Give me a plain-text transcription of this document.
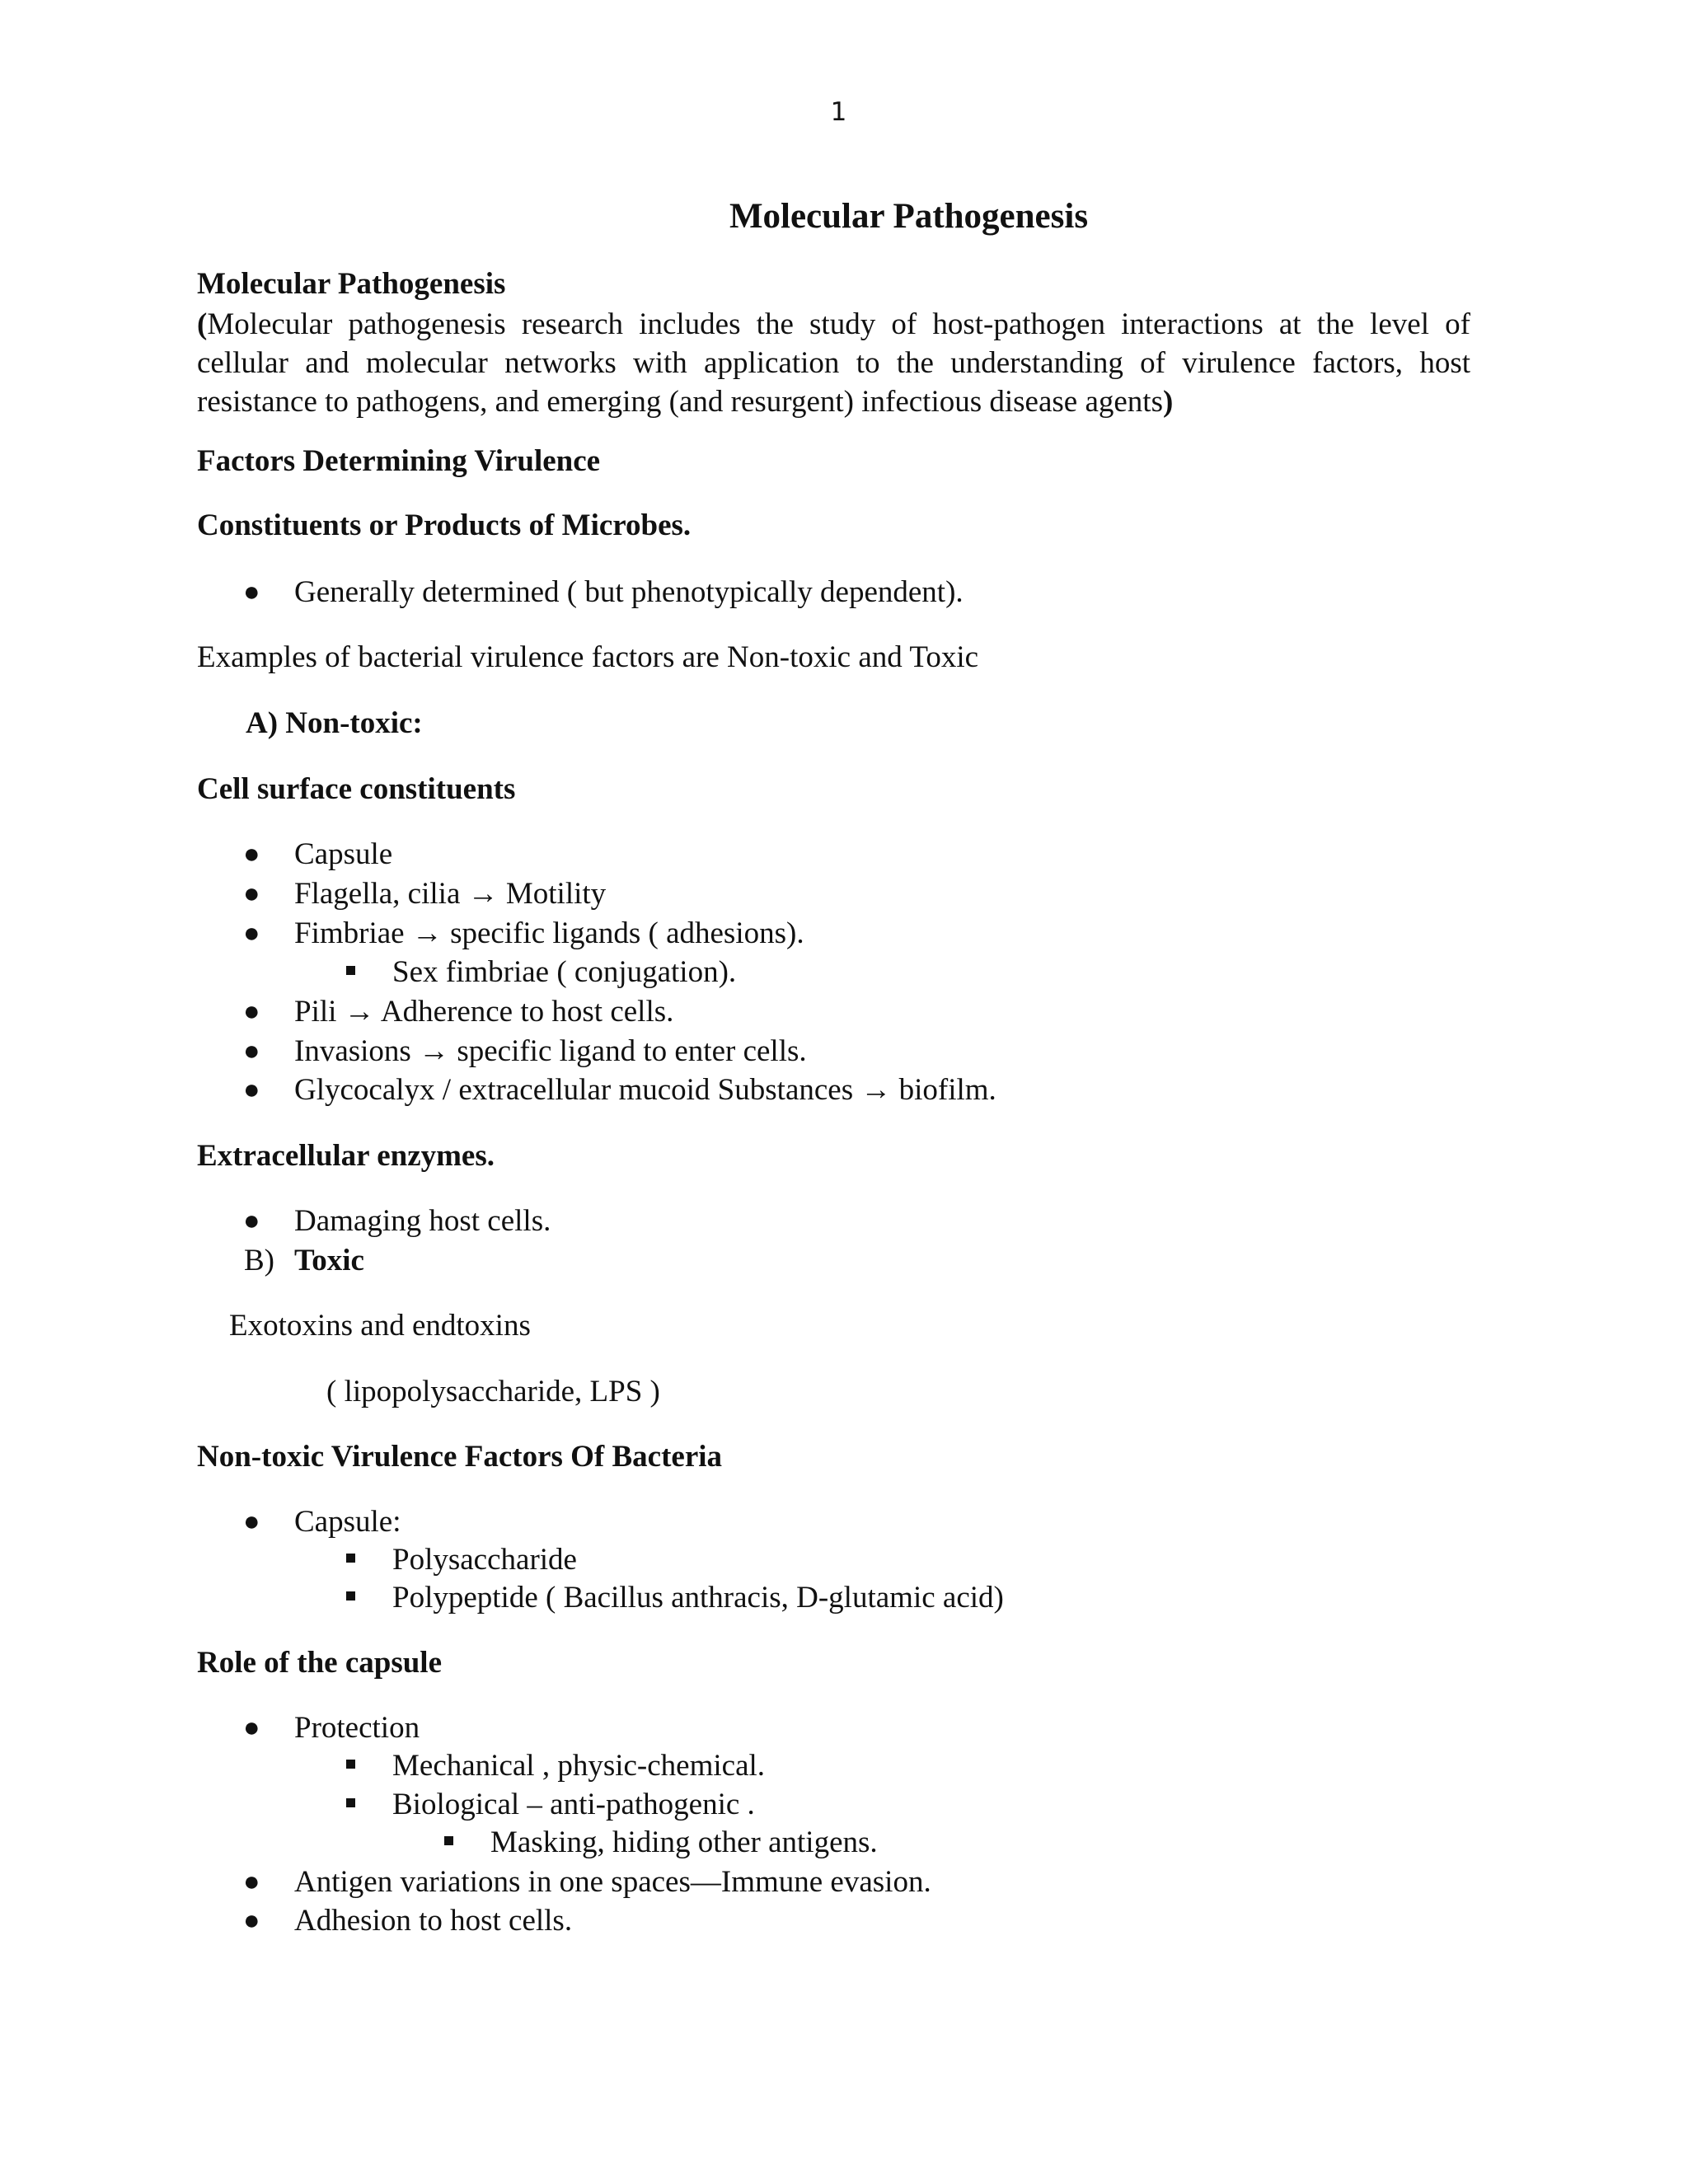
1
Molecular Pathogenesis
Molecular Pathogenesis
(Molecular pathogenesis research includes the study of host-pathogen interactions at the level of cellular and molecular networks with application to the understanding of virulence factors, host resistance to pathogens, and emerging (and resurgent) infectious disease agents)
Factors Determining Virulence
Constituents or Products of Microbes.
● Generally determined ( but phenotypically dependent).
Examples of bacterial virulence factors are Non-toxic and Toxic
A) Non-toxic:
Cell surface constituents
● Capsule
● Flagella, cilia → Motility
● Fimbriae → specific ligands ( adhesions).
Sex fimbriae ( conjugation).
● Pili → Adherence to host cells.
● Invasions → specific ligand to enter cells.
● Glycocalyx / extracellular mucoid Substances → biofilm.
Extracellular enzymes.
● Damaging host cells.
B) Toxic
Exotoxins and endtoxins
( lipopolysaccharide, LPS )
Non-toxic Virulence Factors Of Bacteria
● Capsule:
Polysaccharide
Polypeptide ( Bacillus anthracis, D-glutamic acid)
Role of the capsule
● Protection
Mechanical , physic-chemical.
Biological – anti-pathogenic .
Masking, hiding other antigens.
● Antigen variations in one spaces—Immune evasion.
● Adhesion to host cells.
